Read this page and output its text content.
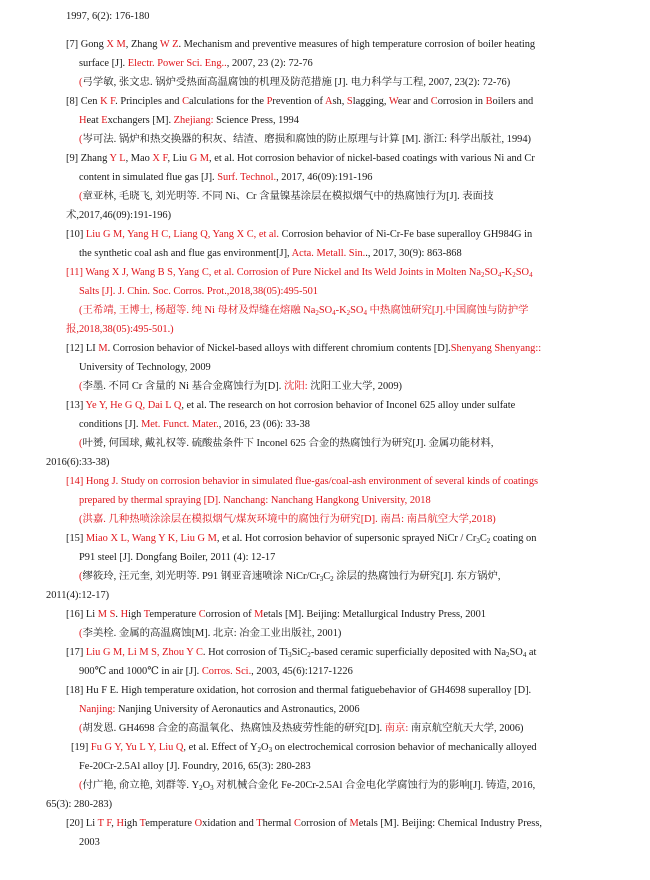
1997, 6(2): 176-180
[7] Gong X M, Zhang W Z. Mechanism and preventive measures of high temperature corrosion of boiler heating
surface [J]. Electr. Power Sci. Eng.., 2007, 23 (2): 72-76
(弓学敏, 张文忠. 锅炉受热面高温腐蚀的机理及防范措施 [J]. 电力科学与工程, 2007, 23(2): 72-76)
[8] Cen K F. Principles and Calculations for the Prevention of Ash, Slagging, Wear and Corrosion in Boilers and
Heat Exchangers [M]. Zhejiang: Science Press, 1994
(岑可法. 锅炉和热交换器的积灰、结渣、磨损和腐蚀的防止原理与计算 [M]. 浙江: 科学出版社, 1994)
[9] Zhang Y L, Mao X F, Liu G M, et al. Hot corrosion behavior of nickel-based coatings with various Ni and Cr
content in simulated flue gas [J]. Surf. Technol., 2017, 46(09):191-196
(章亚林, 毛晓飞, 刘光明等. 不同 Ni、Cr 含量镍基涂层在模拟烟气中的热腐蚀行为[J]. 表面技
术,2017,46(09):191-196)
[10] Liu G M, Yang H C, Liang Q, Yang X C, et al. Corrosion behavior of Ni-Cr-Fe base superalloy GH984G in
the synthetic coal ash and flue gas environment[J], Acta. Metall. Sin.., 2017, 30(9): 863-868
[11] Wang X J, Wang B S, Yang C, et al. Corrosion of Pure Nickel and Its Weld Joints in Molten $Na_2SO_4-K_2SO_4$
Salts [J]. J. Chin. Soc. Corros. Prot.,2018,38(05):495-501
(王希靖, 王博士, 杨超等. 纯 Ni 母材及焊缝在熔融 $Na_2SO_4-K_2SO_4$ 中热腐蚀研究[J].中国腐蚀与防护学
报,2018,38(05):495-501.)
[12] LI M. Corrosion behavior of Nickel-based alloys with different chromium contents [D].Shenyang Shenyang::
University of Technology, 2009
(李墨. 不同 Cr 含量的 Ni 基合金腐蚀行为[D]. 沈阳: 沈阳工业大学, 2009)
[13] Ye Y, He G Q, Dai L Q, et al. The research on hot corrosion behavior of Inconel 625 alloy under sulfate
conditions [J]. Met. Funct. Mater., 2016, 23 (06): 33-38
(叶赟, 何国球, 戴礼权等. 硫酸盐条件下 Inconel 625 合金的热腐蚀行为研究[J]. 金属功能材料,
2016(6):33-38)
[14] Hong J. Study on corrosion behavior in simulated flue-gas/coal-ash environment of several kinds of coatings
prepared by thermal spraying [D]. Nanchang: Nanchang Hangkong University, 2018
(洪嘉. 几种热喷涂涂层在模拟烟气/煤灰环境中的腐蚀行为研究[D]. 南昌: 南昌航空大学,2018)
[15] Miao X L, Wang Y K, Liu G M, et al. Hot corrosion behavior of supersonic sprayed NiCr / $Cr_3C_2$ coating on
P91 steel [J]. Dongfang Boiler, 2011 (4): 12-17
(缪筱玲, 汪元奎, 刘光明等. P91 钢亚音速喷涂 NiCr/$Cr_3C_2$ 涂层的热腐蚀行为研究[J]. 东方锅炉,
2011(4):12-17)
[16] Li M S. High Temperature Corrosion of Metals [M]. Beijing: Metallurgical Industry Press, 2001
(李美栓. 金属的高温腐蚀[M]. 北京: 冶金工业出版社, 2001)
[17] Liu G M, Li M S, Zhou Y C. Hot corrosion of $Ti_3SiC_2$-based ceramic superficially deposited with $Na_2SO_4$ at
900℃ and 1000℃ in air [J]. Corros. Sci., 2003, 45(6):1217-1226
[18] Hu F E. High temperature oxidation, hot corrosion and thermal fatiguebehavior of GH4698 superalloy [D].
Nanjing: Nanjing University of Aeronautics and Astronautics, 2006
(胡发恩. GH4698 合金的高温氧化、热腐蚀及热疲劳性能的研究[D]. 南京: 南京航空航天大学, 2006)
[19] Fu G Y, Yu L Y, Liu Q, et al. Effect of $Y_2O_3$ on electrochemical corrosion behavior of mechanically alloyed
Fe-20Cr-2.5Al alloy [J]. Foundry, 2016, 65(3): 280-283
(付广艳, 俞立艳, 刘群等. $Y_2O_3$ 对机械合金化 Fe-20Cr-2.5Al 合金电化学腐蚀行为的影响[J]. 铸造, 2016,
65(3): 280-283)
[20] Li T F, High Temperature Oxidation and Thermal Corrosion of Metals [M]. Beijing: Chemical Industry Press,
2003
